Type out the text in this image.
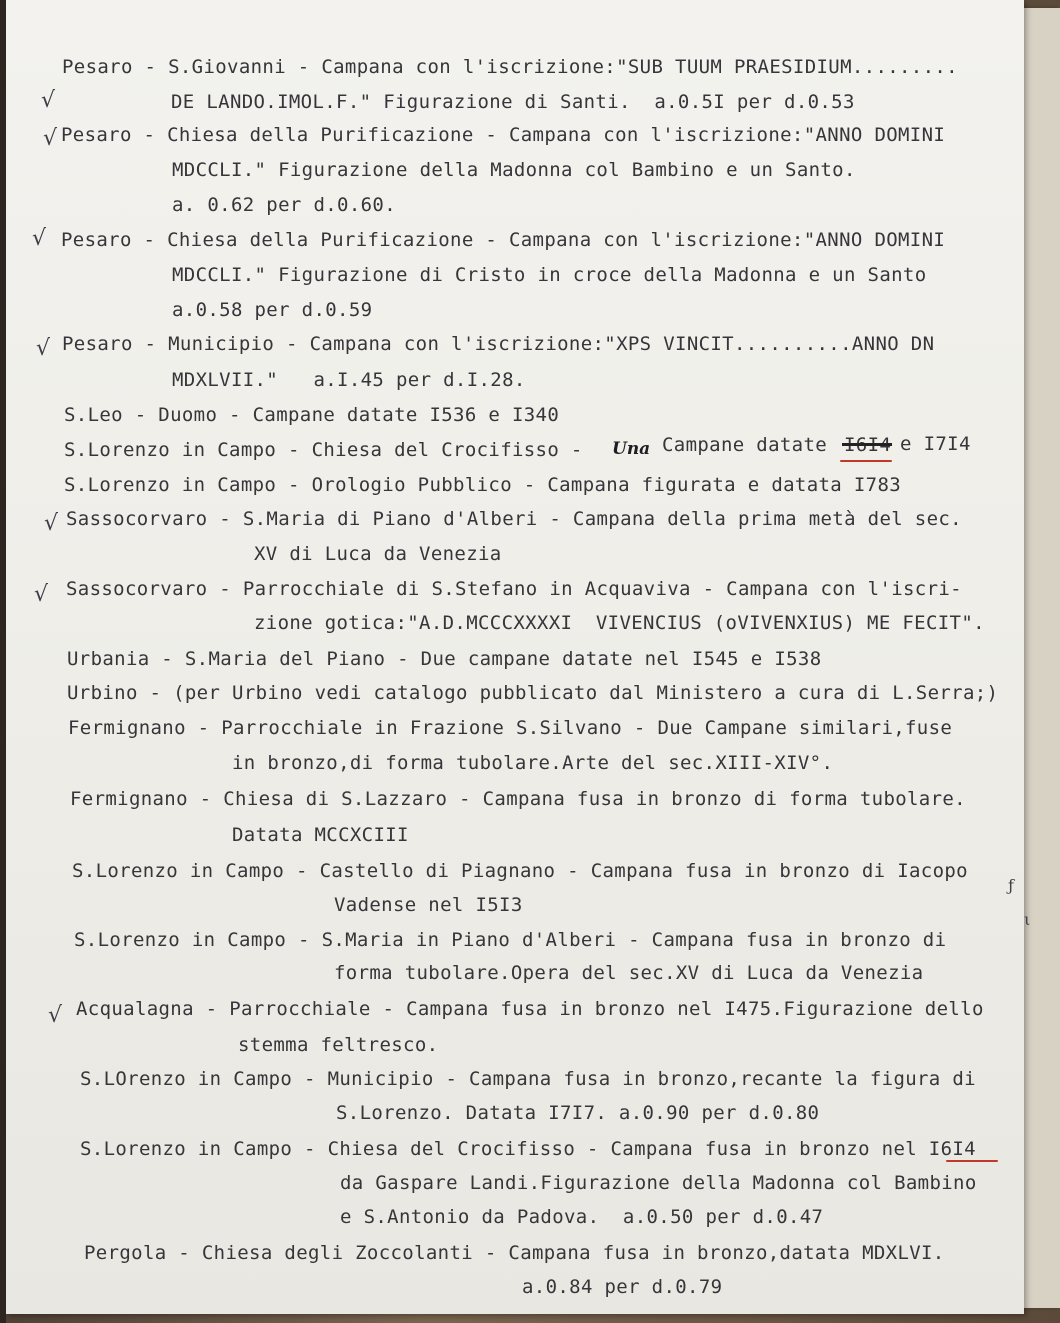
√
√
√
√
√
√
√
Pesaro - S.Giovanni - Campana con l'iscrizione:"SUB TUUM PRAESIDIUM.........
DE LANDO.IMOL.F." Figurazione di Santi.  a.0.5I per d.0.53
Pesaro - Chiesa della Purificazione - Campana con l'iscrizione:"ANNO DOMINI
MDCCLI." Figurazione della Madonna col Bambino e un Santo.
a. 0.62 per d.0.60.
Pesaro - Chiesa della Purificazione - Campana con l'iscrizione:"ANNO DOMINI
MDCCLI." Figurazione di Cristo in croce della Madonna e un Santo
a.0.58 per d.0.59
Pesaro - Municipio - Campana con l'iscrizione:"XPS VINCIT..........ANNO DN
MDXLVII."   a.I.45 per d.I.28.
S.Leo - Duomo - Campane datate I536 e I340
S.Lorenzo in Campo - Chiesa del Crocifisso - Una Campane datate	e I7I4
S.Lorenzo in Campo - Orologio Pubblico - Campana figurata e datata I783
Sassocorvaro - S.Maria di Piano d'Alberi - Campana della prima metà del sec.
XV di Luca da Venezia
Sassocorvaro - Parrocchiale di S.Stefano in Acquaviva - Campana con l'iscri-
zione gotica:"A.D.MCCCXXXXI  VIVENCIUS (oVIVENXIUS) ME FECIT".
Urbania - S.Maria del Piano - Due campane datate nel I545 e I538
Urbino - (per Urbino vedi catalogo pubblicato dal Ministero a cura di L.Serra;)
Fermignano - Parrocchiale in Frazione S.Silvano - Due Campane similari,fuse
in bronzo,di forma tubolare.Arte del sec.XIII-XIV°.
Fermignano - Chiesa di S.Lazzaro - Campana fusa in bronzo di forma tubolare.
Datata MCCXCIII
S.Lorenzo in Campo - Castello di Piagnano - Campana fusa in bronzo di Iacopo
Vadense nel I5I3
S.Lorenzo in Campo - S.Maria in Piano d'Alberi - Campana fusa in bronzo di
forma tubolare.Opera del sec.XV di Luca da Venezia
Acqualagna - Parrocchiale - Campana fusa in bronzo nel I475.Figurazione dello
stemma feltresco.
S.LOrenzo in Campo - Municipio - Campana fusa in bronzo,recante la figura di
S.Lorenzo. Datata I7I7. a.0.90 per d.0.80
S.Lorenzo in Campo - Chiesa del Crocifisso - Campana fusa in bronzo nel I6I4
da Gaspare Landi.Figurazione della Madonna col Bambino
e S.Antonio da Padova.  a.0.50 per d.0.47
Pergola - Chiesa degli Zoccolanti - Campana fusa in bronzo,datata MDXLVI.
a.0.84 per d.0.79
ƒ
ι
